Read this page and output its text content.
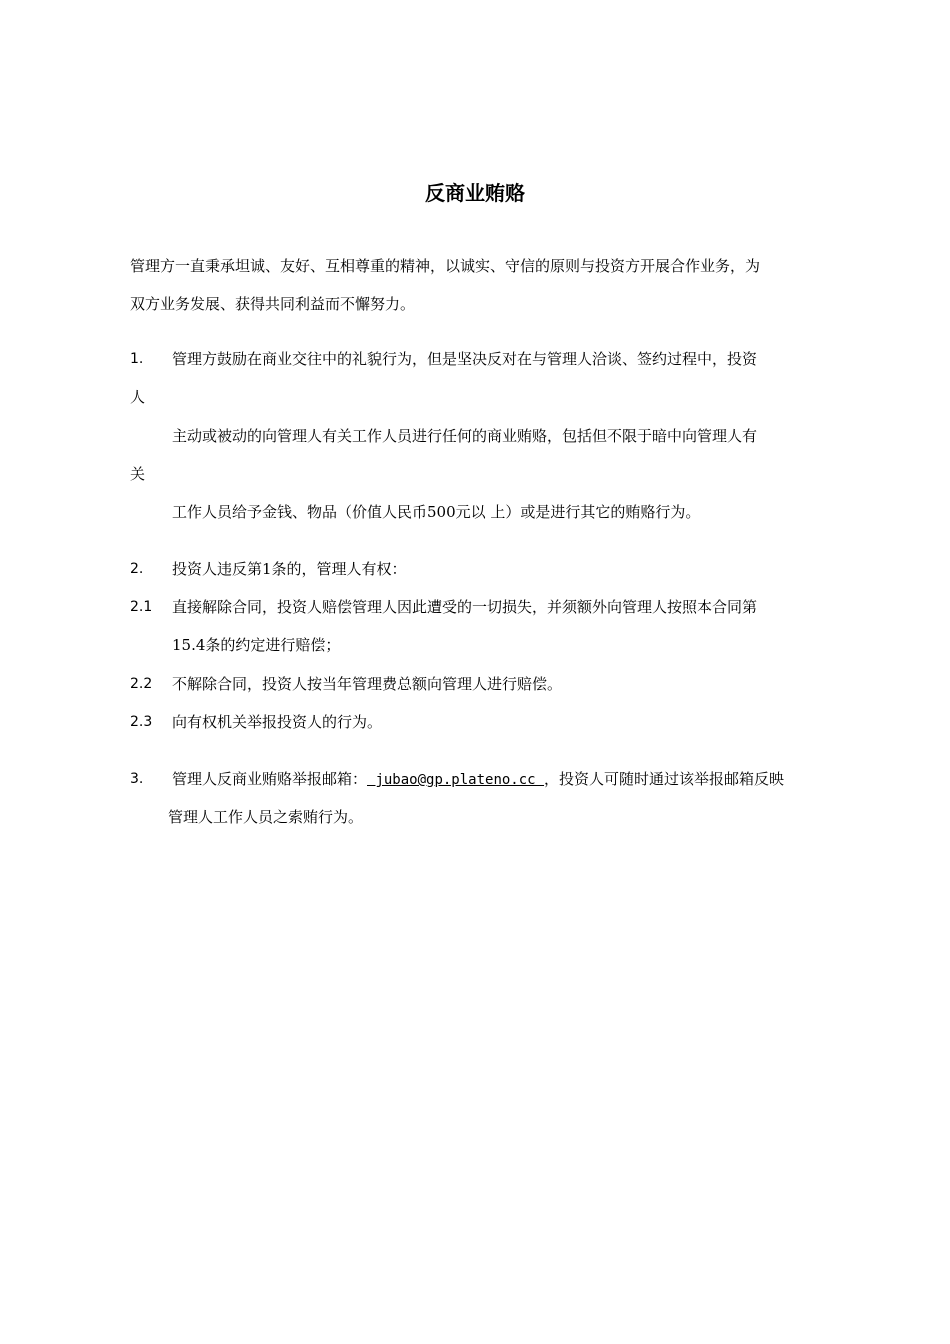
反商业贿赂
管理方一直秉承坦诚、友好、互相尊重的精神，以诚实、守信的原则与投资方开展合作业务，为
双方业务发展、获得共同利益而不懈努力。
1. 管理方鼓励在商业交往中的礼貌行为，但是坚决反对在与管理人洽谈、签约过程中，投资
人
主动或被动的向管理人有关工作人员进行任何的商业贿赂，包括但不限于暗中向管理人有
关
工作人员给予金钱、物品（价值人民币500元以 上）或是进行其它的贿赂行为。
2. 投资人违反第1条的，管理人有权：
2.1 直接解除合同，投资人赔偿管理人因此遭受的一切损失，并须额外向管理人按照本合同第
15.4条的约定进行赔偿；
2.2 不解除合同，投资人按当年管理费总额向管理人进行赔偿。
2.3 向有权机关举报投资人的行为。
3. 管理人反商业贿赂举报邮箱： jubao@gp.plateno.cc ，投资人可随时通过该举报邮箱反映
管理人工作人员之索贿行为。
